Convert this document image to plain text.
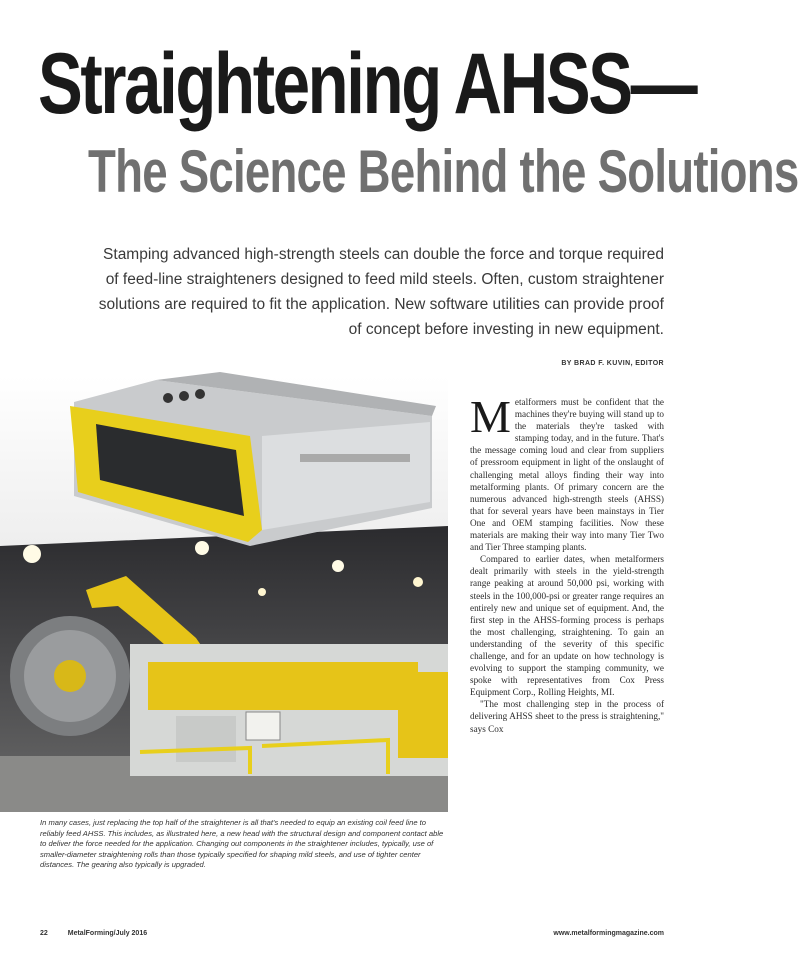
Straightening AHSS—
The Science Behind the Solutions
Stamping advanced high-strength steels can double the force and torque required of feed-line straighteners designed to feed mild steels. Often, custom straightener solutions are required to fit the application. New software utilities can provide proof of concept before investing in new equipment.
BY BRAD F. KUVIN, EDITOR
In many cases, just replacing the top half of the straightener is all that's needed to equip an existing coil feed line to reliably feed AHSS. This includes, as illustrated here, a new head with the structural design and component contact able to deliver the force needed for the application. Changing out components in the straightener includes, typically, use of smaller-diameter straightening rolls than those typically specified for shaping mild steels, and use of tighter center distances. The gearing also typically is upgraded.

Metalformers must be confident that the machines they're buying will stand up to the materials they're tasked with stamping today, and in the future. That's the message coming loud and clear from suppliers of pressroom equipment in light of the onslaught of challenging metal alloys finding their way into metalforming plants. Of primary concern are the numerous advanced high-strength steels (AHSS) that for several years have been mainstays in Tier One and OEM stamping facilities. Now these materials are making their way into many Tier Two and Tier Three stamping plants.

Compared to earlier dates, when metalformers dealt primarily with steels in the yield-strength range peaking at around 50,000 psi, working with steels in the 100,000-psi or greater range requires an entirely new and unique set of equipment. And, the first step in the AHSS-forming process is perhaps the most challenging, straightening. To gain an understanding of the severity of this specific challenge, and for an update on how technology is evolving to support the stamping community, we spoke with representatives from Cox Press Equipment Corp., Rolling Heights, MI.

"The most challenging step in the process of delivering AHSS sheet to the press is straightening," says Cox

22	MetalForming/July 2016	www.metalformingmagazine.com
